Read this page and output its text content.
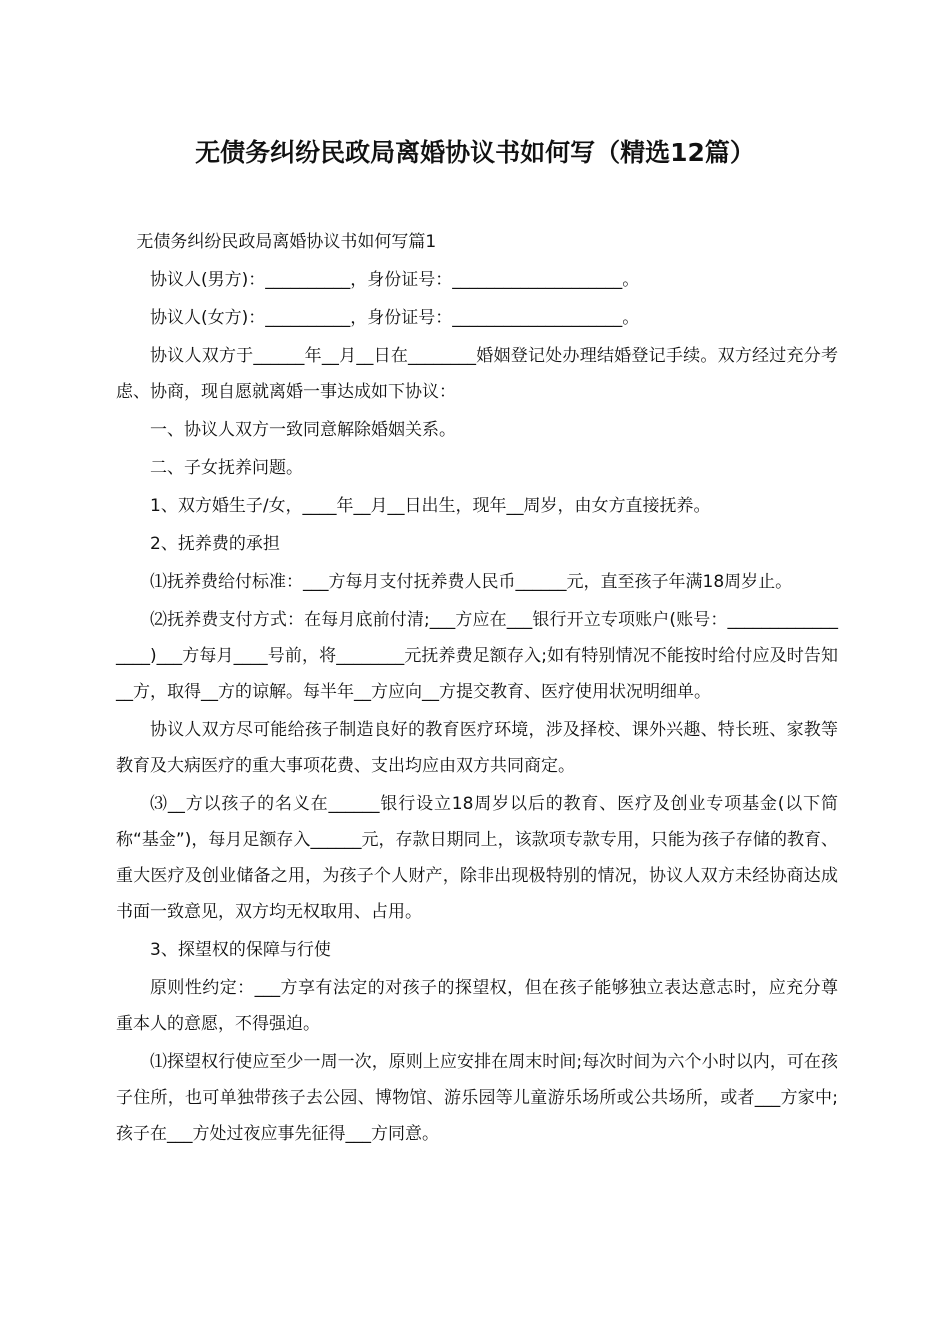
无债务纠纷民政局离婚协议书如何写（精选12篇）

无债务纠纷民政局离婚协议书如何写篇1

协议人(男方)：__________，身份证号：____________________。

协议人(女方)：__________，身份证号：____________________。

协议人双方于______年__月__日在________婚姻登记处办理结婚登记手续。双方经过充分考虑、协商，现自愿就离婚一事达成如下协议：

一、协议人双方一致同意解除婚姻关系。

二、子女抚养问题。

1、双方婚生子/女，____年__月__日出生，现年__周岁，由女方直接抚养。

2、抚养费的承担

⑴抚养费给付标准：___方每月支付抚养费人民币______元，直至孩子年满18周岁止。

⑵抚养费支付方式：在每月底前付清;___方应在___银行开立专项账户(账号：_________________)___方每月____号前，将________元抚养费足额存入;如有特别情况不能按时给付应及时告知__方，取得__方的谅解。每半年__方应向__方提交教育、医疗使用状况明细单。

协议人双方尽可能给孩子制造良好的教育医疗环境，涉及择校、课外兴趣、特长班、家教等教育及大病医疗的重大事项花费、支出均应由双方共同商定。

⑶__方以孩子的名义在______银行设立18周岁以后的教育、医疗及创业专项基金(以下简称“基金”)，每月足额存入______元，存款日期同上，该款项专款专用，只能为孩子存储的教育、重大医疗及创业储备之用，为孩子个人财产，除非出现极特别的情况，协议人双方未经协商达成书面一致意见，双方均无权取用、占用。

3、探望权的保障与行使

原则性约定：___方享有法定的对孩子的探望权，但在孩子能够独立表达意志时，应充分尊重本人的意愿，不得强迫。

⑴探望权行使应至少一周一次，原则上应安排在周末时间;每次时间为六个小时以内，可在孩子住所，也可单独带孩子去公园、博物馆、游乐园等儿童游乐场所或公共场所，或者___方家中;孩子在___方处过夜应事先征得___方同意。
